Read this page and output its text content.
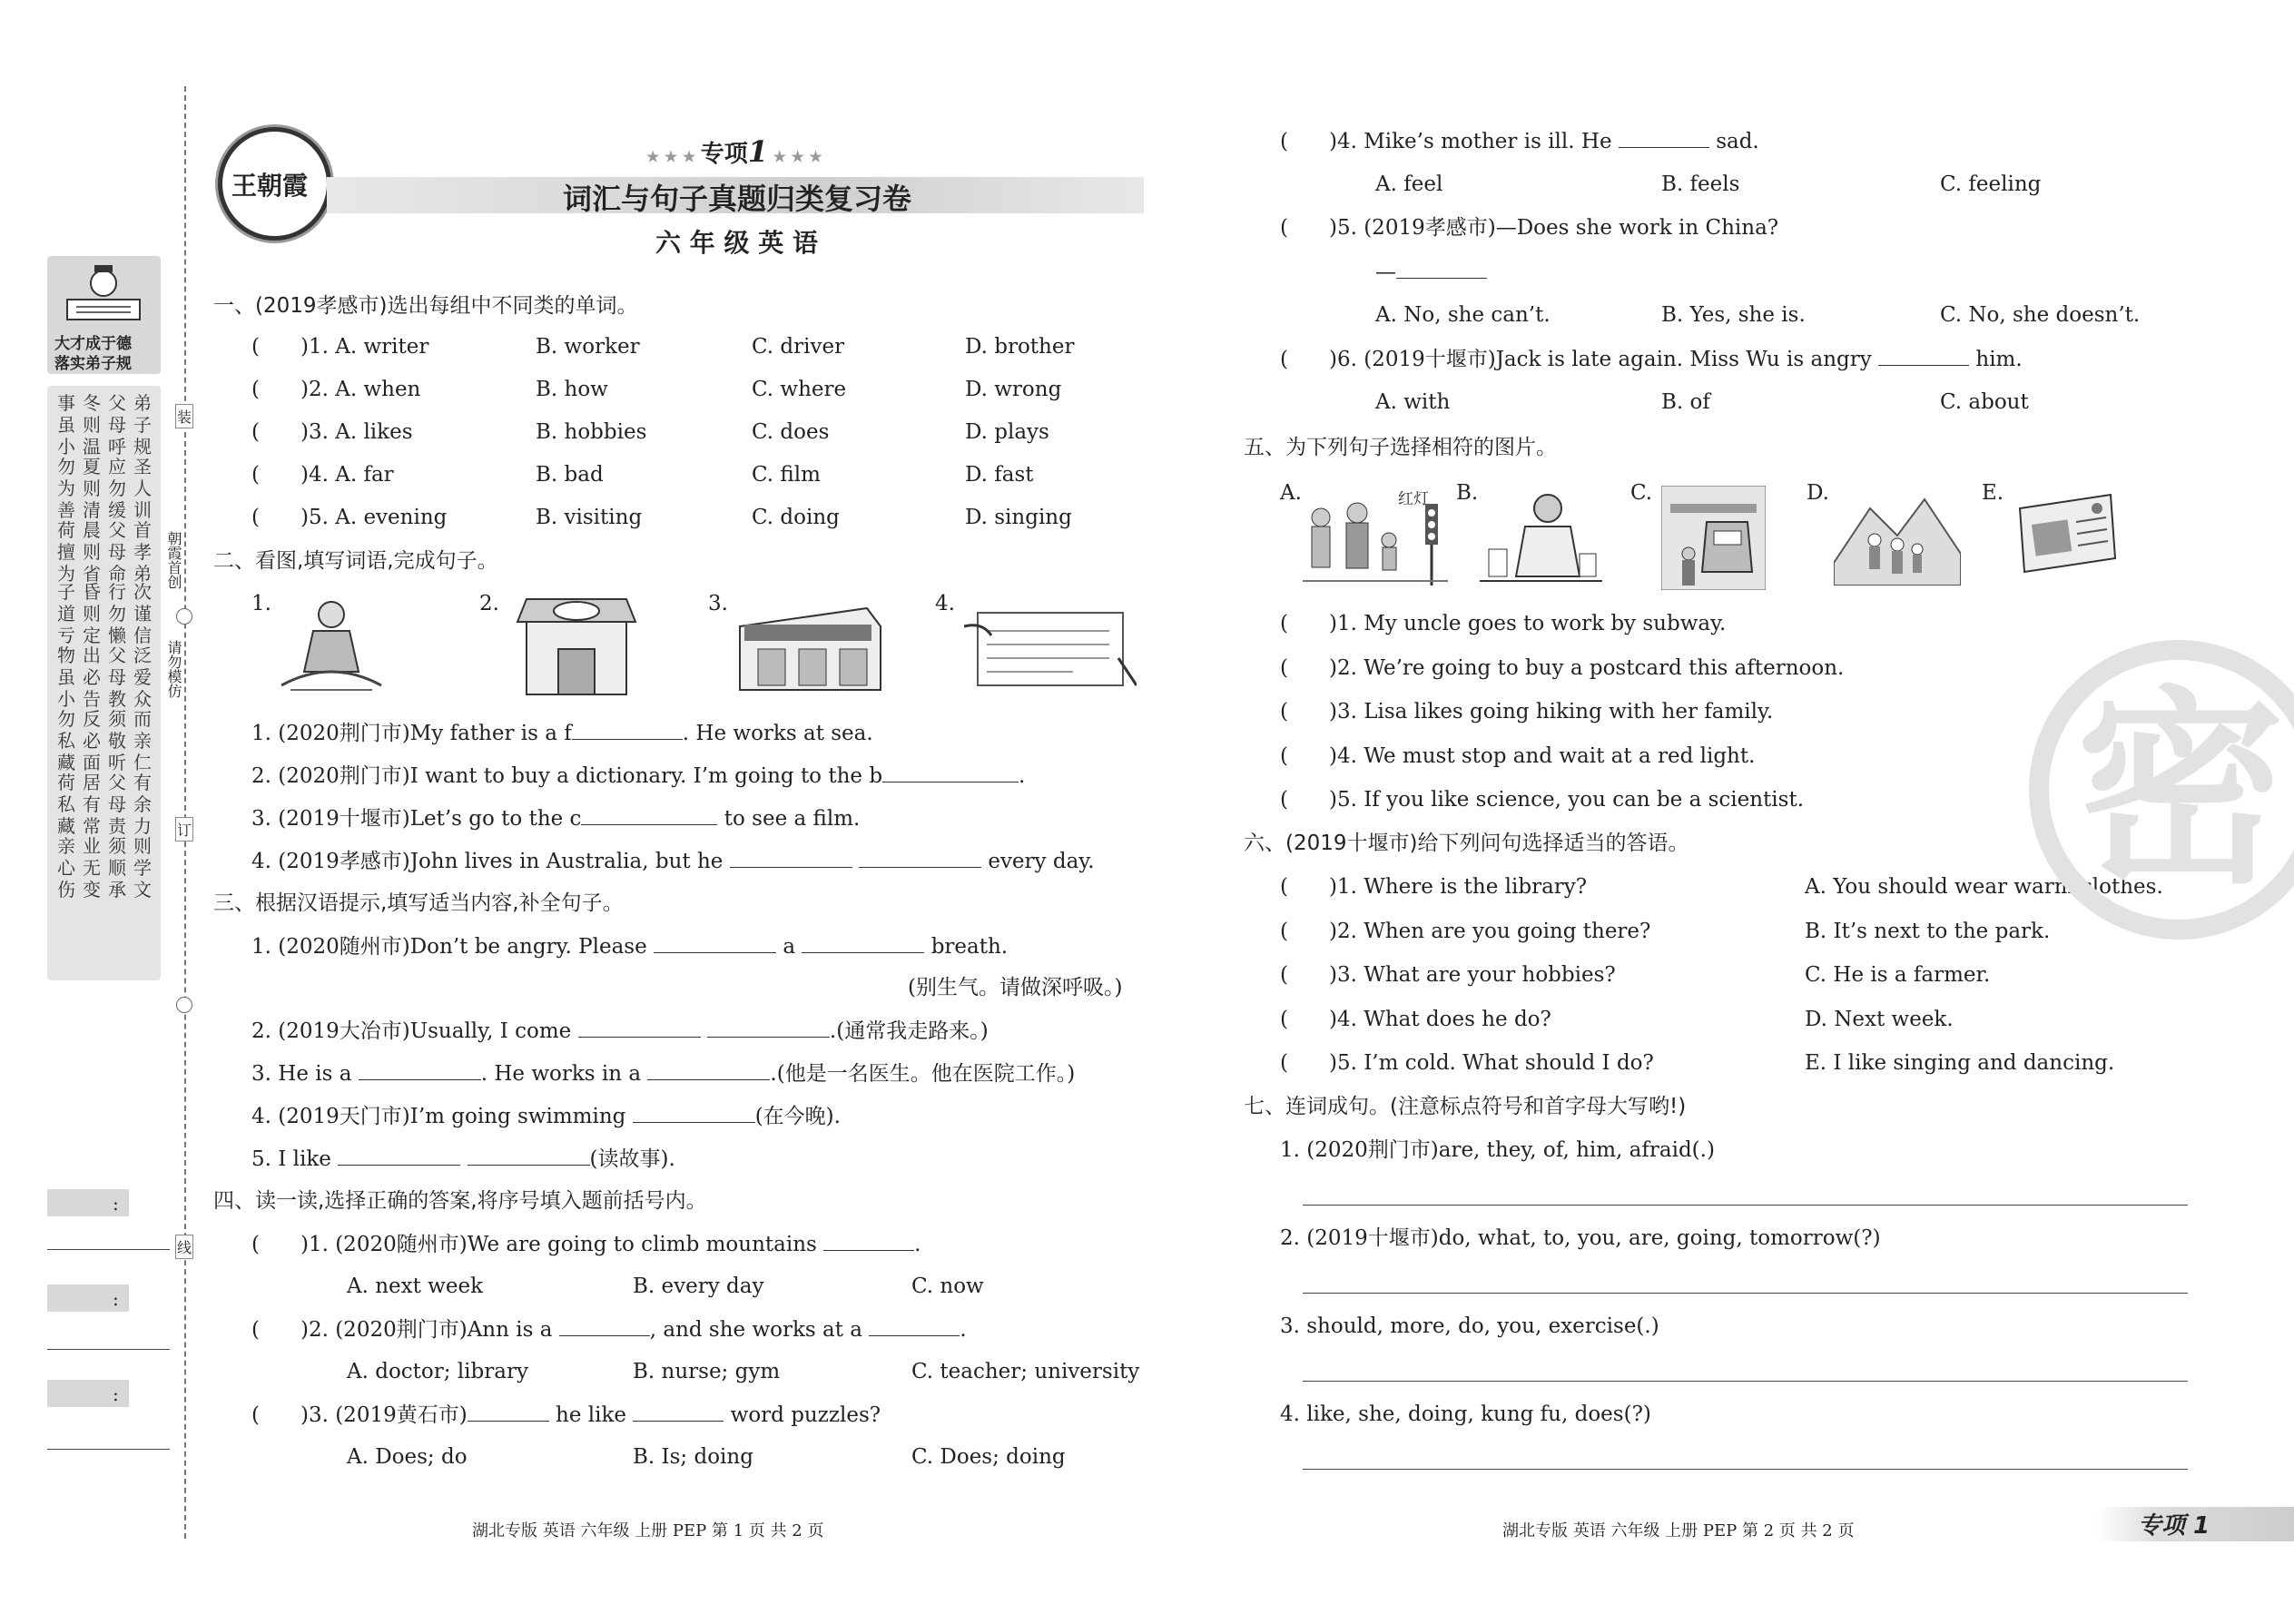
大才成于德
落实弟子规
事虽小
冬则温
父母呼
弟子规
勿为善
夏则清
应勿缓
圣人训
荷擅为
晨则省
父母命
首孝弟
子道亏
昏则定
行勿懒
次谨信
物虽小
出必告
父母教
泛爱众
勿私藏
反必面
须敬听
而亲仁
荷私藏
居有常
父母责
有余力
亲心伤
业无变
须顺承
则学文
:
:
:
装
订
线
朝霞首创
请勿模仿
王朝霞
★ ★ ★ 专项1 ★ ★ ★
词汇与句子真题归类复习卷
六 年 级 英 语
一、(2019孝感市)选出每组中不同类的单词。
( )1. A. writer	B. worker	C. driver	D. brother
( )2. A. when	B. how	C. where	D. wrong
( )3. A. likes	B. hobbies	C. does	D. plays
( )4. A. far	B. bad	C. film	D. fast
( )5. A. evening	B. visiting	C. doing	D. singing
二、看图,填写词语,完成句子。
1.	2.	3.	4.
1. (2020荆门市)My father is a f	. He works at sea.
2. (2020荆门市)I want to buy a dictionary. I’m going to the b	.
3. (2019十堰市)Let’s go to the c	to see a film.
4. (2019孝感市)John lives in Australia, but he	every day.
三、根据汉语提示,填写适当内容,补全句子。
1. (2020随州市)Don’t be angry. Please	a	breath.
(别生气。请做深呼吸。)
2. (2019大冶市)Usually, I come	.(通常我走路来。)
3. He is a	. He works in a	.(他是一名医生。他在医院工作。)
4. (2019天门市)I’m going swimming	(在今晚).
5. I like	(读故事).
四、读一读,选择正确的答案,将序号填入题前括号内。
( )1. (2020随州市)We are going to climb mountains	.
A. next week	B. every day	C. now
( )2. (2020荆门市)Ann is a	, and she works at a	.
A. doctor; library	B. nurse; gym	C. teacher; university
( )3. (2019黄石市)	he like	word puzzles?
A. Does; do	B. Is; doing	C. Does; doing
湖北专版 英语 六年级 上册 PEP 第 1 页 共 2 页
( )4. Mike’s mother is ill. He	sad.
A. feel	B. feels	C. feeling
( )5. (2019孝感市)—Does she work in China?
—
A. No, she can’t.	B. Yes, she is.	C. No, she doesn’t.
( )6. (2019十堰市)Jack is late again. Miss Wu is angry	him.
A. with	B. of	C. about
五、为下列句子选择相符的图片。
A.	B.	C.	D.	E.
红灯
( )1. My uncle goes to work by subway.
( )2. We’re going to buy a postcard this afternoon.
( )3. Lisa likes going hiking with her family.
( )4. We must stop and wait at a red light.
( )5. If you like science, you can be a scientist.
六、(2019十堰市)给下列问句选择适当的答语。
( )1. Where is the library?	A. You should wear warm clothes.
( )2. When are you going there?	B. It’s next to the park.
( )3. What are your hobbies?	C. He is a farmer.
( )4. What does he do?	D. Next week.
( )5. I’m cold. What should I do?	E. I like singing and dancing.
七、连词成句。(注意标点符号和首字母大写哟!)
1. (2020荆门市)are, they, of, him, afraid(.)
2. (2019十堰市)do, what, to, you, are, going, tomorrow(?)
3. should, more, do, you, exercise(.)
4. like, she, doing, kung fu, does(?)
湖北专版 英语 六年级 上册 PEP 第 2 页 共 2 页	专项 1
密
